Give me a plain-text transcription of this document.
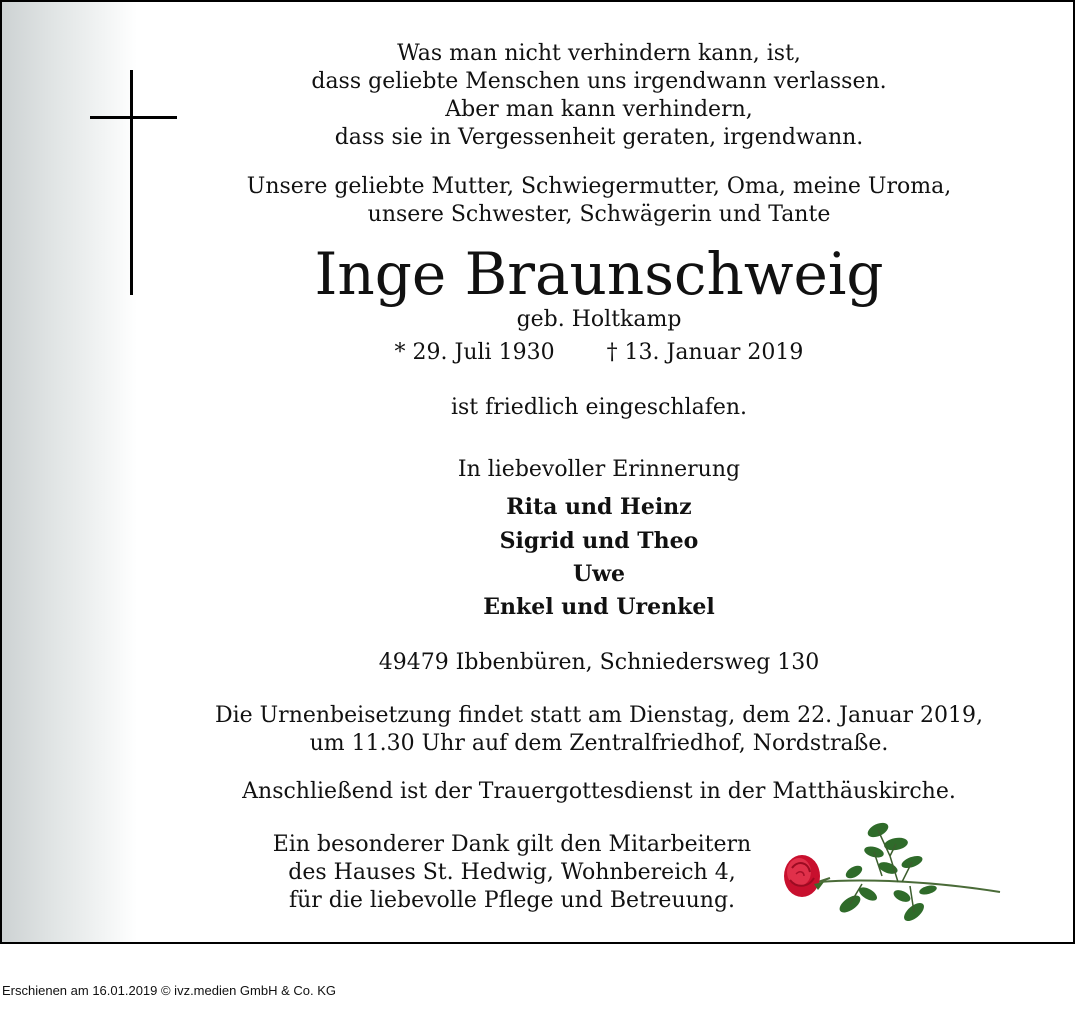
Was man nicht verhindern kann, ist,
dass geliebte Menschen uns irgendwann verlassen.
Aber man kann verhindern,
dass sie in Vergessenheit geraten, irgendwann.
Unsere geliebte Mutter, Schwiegermutter, Oma, meine Uroma,
unsere Schwester, Schwägerin und Tante
Inge Braunschweig
geb. Holtkamp
* 29. Juli 1930 † 13. Januar 2019
ist friedlich eingeschlafen.
In liebevoller Erinnerung
Rita und Heinz
Sigrid und Theo
Uwe
Enkel und Urenkel
49479 Ibbenbüren, Schniedersweg 130
Die Urnenbeisetzung findet statt am Dienstag, dem 22. Januar 2019,
um 11.30 Uhr auf dem Zentralfriedhof, Nordstraße.
Anschließend ist der Trauergottesdienst in der Matthäuskirche.
Ein besonderer Dank gilt den Mitarbeitern
des Hauses St. Hedwig, Wohnbereich 4,
für die liebevolle Pflege und Betreuung.
Erschienen am 16.01.2019 © ivz.medien GmbH & Co. KG
